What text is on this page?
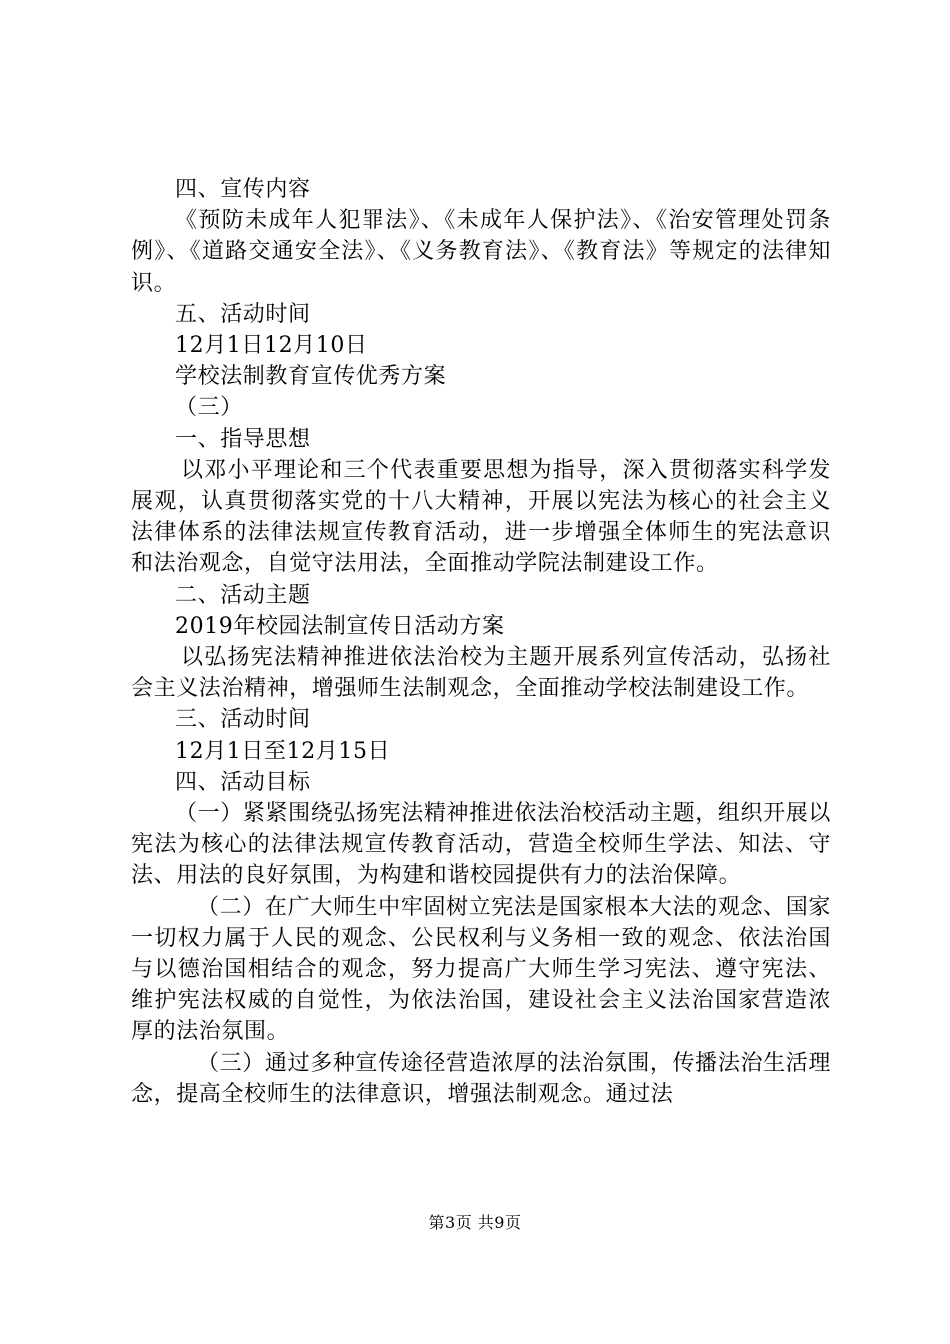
四、宣传内容

《预防未成年人犯罪法》、《未成年人保护法》、《治安管理处罚条例》、《道路交通安全法》、《义务教育法》、《教育法》等规定的法律知识。

五、活动时间

12月1日12月10日

学校法制教育宣传优秀方案

（三）

一、指导思想

以邓小平理论和三个代表重要思想为指导，深入贯彻落实科学发展观，认真贯彻落实党的十八大精神，开展以宪法为核心的社会主义法律体系的法律法规宣传教育活动，进一步增强全体师生的宪法意识和法治观念，自觉守法用法，全面推动学院法制建设工作。

二、活动主题

2019年校园法制宣传日活动方案

以弘扬宪法精神推进依法治校为主题开展系列宣传活动，弘扬社会主义法治精神，增强师生法制观念，全面推动学校法制建设工作。

三、活动时间

12月1日至12月15日

四、活动目标

（一）紧紧围绕弘扬宪法精神推进依法治校活动主题，组织开展以宪法为核心的法律法规宣传教育活动，营造全校师生学法、知法、守法、用法的良好氛围，为构建和谐校园提供有力的法治保障。

（二）在广大师生中牢固树立宪法是国家根本大法的观念、国家一切权力属于人民的观念、公民权利与义务相一致的观念、依法治国与以德治国相结合的观念，努力提高广大师生学习宪法、遵守宪法、维护宪法权威的自觉性，为依法治国，建设社会主义法治国家营造浓厚的法治氛围。

（三）通过多种宣传途径营造浓厚的法治氛围，传播法治生活理念，提高全校师生的法律意识，增强法制观念。通过法

第3页 共9页
